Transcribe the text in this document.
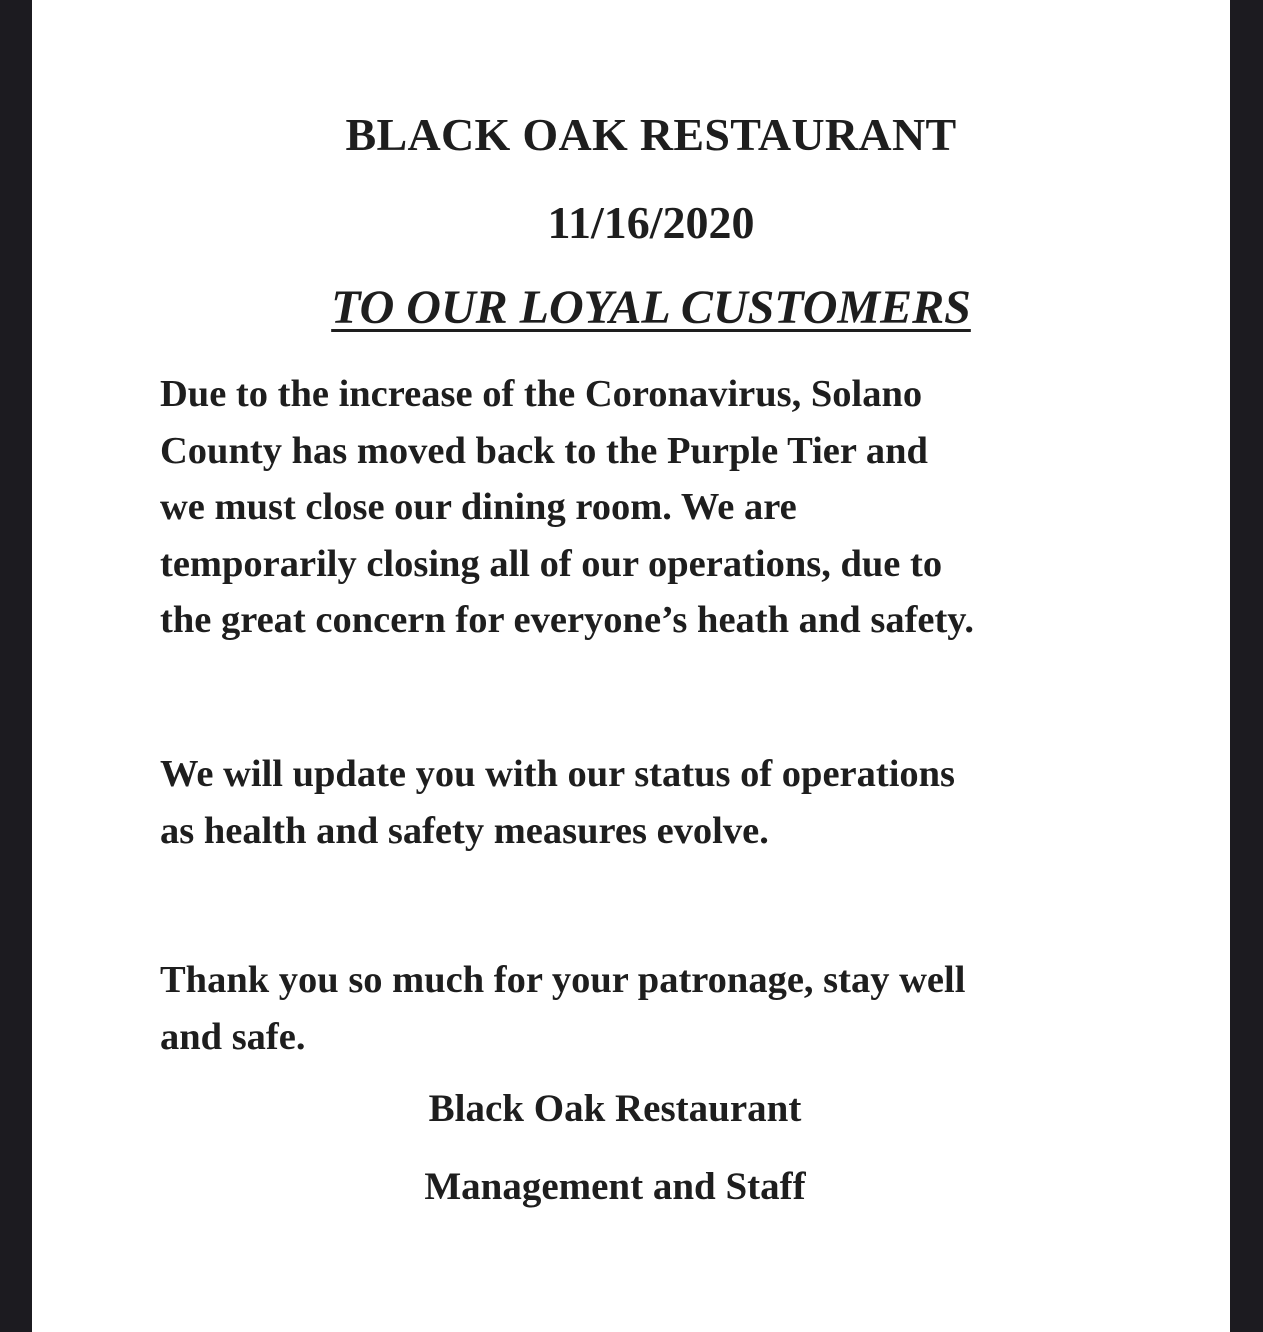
BLACK OAK RESTAURANT
11/16/2020
TO OUR LOYAL CUSTOMERS
Due to the increase of the Coronavirus, Solano
County has moved back to the Purple Tier and
we must close our dining room. We are
temporarily closing all of our operations, due to
the great concern for everyone’s heath and safety.
We will update you with our status of operations
as health and safety measures evolve.
Thank you so much for your patronage, stay well
and safe.
Black Oak Restaurant
Management and Staff
